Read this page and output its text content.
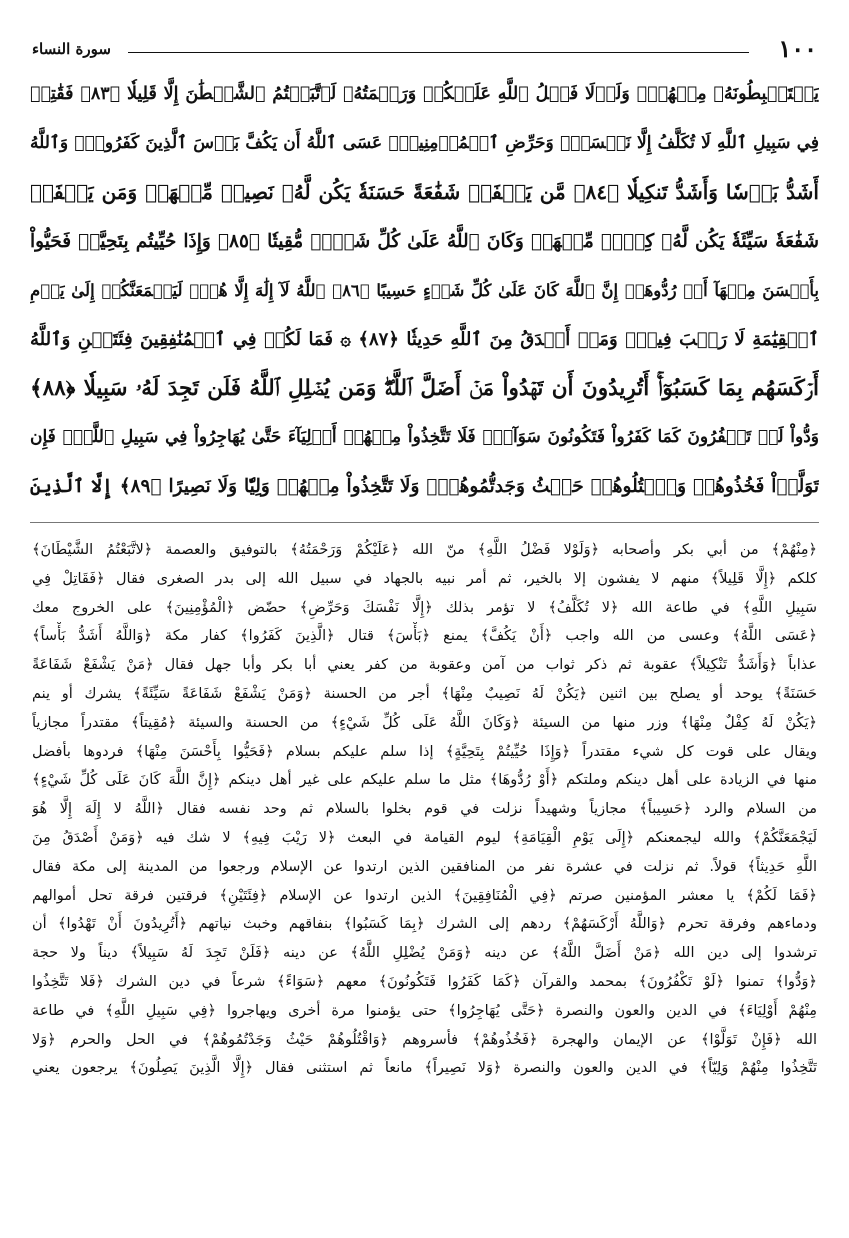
١٠٠
سورة النساء
يَسۡتَنۢبِطُونَهُۥ مِنۡهُمۡۗ وَلَوۡلَا فَضۡلُ ٱللَّهِ عَلَيۡكُمۡ وَرَحۡمَتُهُۥ لَٱتَّبَعۡتُمُ ٱلشَّيۡطَٰنَ إِلَّا قَلِيلٗا ﴿٨٣﴾ فَقَٰتِلۡ
فِي سَبِيلِ ٱللَّهِ لَا تُكَلَّفُ إِلَّا نَفۡسَكَۚ وَحَرِّضِ ٱلۡمُؤۡمِنِينَۖ عَسَى ٱللَّهُ أَن يَكُفَّ بَأۡسَ ٱلَّذِينَ كَفَرُواْۚ وَٱللَّهُ
أَشَدُّ بَأۡسٗا وَأَشَدُّ تَنكِيلٗا ﴿٨٤﴾ مَّن يَشۡفَعۡ شَفَٰعَةً حَسَنَةٗ يَكُن لَّهُۥ نَصِيبٞ مِّنۡهَاۖ وَمَن يَشۡفَعۡ
شَفَٰعَةٗ سَيِّئَةٗ يَكُن لَّهُۥ كِفۡلٞ مِّنۡهَاۗ وَكَانَ ٱللَّهُ عَلَىٰ كُلِّ شَيۡءٖ مُّقِيتٗا ﴿٨٥﴾ وَإِذَا حُيِّيتُم بِتَحِيَّةٖ فَحَيُّواْ
بِأَحۡسَنَ مِنۡهَآ أَوۡ رُدُّوهَآۗ إِنَّ ٱللَّهَ كَانَ عَلَىٰ كُلِّ شَيۡءٍ حَسِيبًا ﴿٨٦﴾ ٱللَّهُ لَآ إِلَٰهَ إِلَّا هُوَۚ لَيَجۡمَعَنَّكُمۡ إِلَىٰ يَوۡمِ
ٱلۡقِيَٰمَةِ لَا رَيۡبَ فِيهِۗ وَمَنۡ أَصۡدَقُ مِنَ ٱللَّهِ حَدِيثٗا ﴿٨٧﴾ ۞ فَمَا لَكُمۡ فِي ٱلۡمُنَٰفِقِينَ فِئَتَيۡنِ وَٱللَّهُ
أَرۡكَسَهُم بِمَا كَسَبُوٓاْۚ أَتُرِيدُونَ أَن تَهۡدُواْ مَنۡ أَضَلَّ ٱللَّهُۖ وَمَن يُضۡلِلِ ٱللَّهُ فَلَن تَجِدَ لَهُۥ سَبِيلٗا ﴿٨٨﴾
وَدُّواْ لَوۡ تَكۡفُرُونَ كَمَا كَفَرُواْ فَتَكُونُونَ سَوَآءٗۖ فَلَا تَتَّخِذُواْ مِنۡهُمۡ أَوۡلِيَآءَ حَتَّىٰ يُهَاجِرُواْ فِي سَبِيلِ ٱللَّهِۚ فَإِن
تَوَلَّوۡاْ فَخُذُوهُمۡ وَٱقۡتُلُوهُمۡ حَيۡثُ وَجَدتُّمُوهُمۡۖ وَلَا تَتَّخِذُواْ مِنۡهُمۡ وَلِيّٗا وَلَا نَصِيرًا ﴿٨٩﴾ إِلَّا ٱلَّذِينَ
﴿مِنْهُمْ﴾ من أبي بكر وأصحابه ﴿وَلَوْلا فَضْلُ اللَّهِ﴾ منّ الله ﴿عَلَيْكُمْ وَرَحْمَتُهُ﴾ بالتوفيق والعصمة ﴿لاتَّبَعْتُمُ الشَّيْطَانَ﴾
كلكم ﴿إِلَّا قَلِيلاً﴾ منهم لا يفشون إلا بالخير، ثم أمر نبيه بالجهاد في سبيل الله إلى بدر الصغرى فقال ﴿فَقَاتِلْ فِي
سَبِيلِ اللَّهِ﴾ في طاعة الله ﴿لا تُكَلَّفُ﴾ لا تؤمر بذلك ﴿إِلَّا نَفْسَكَ وَحَرِّضِ﴾ حضّض ﴿الْمُؤْمِنِينَ﴾ على الخروج معك
﴿عَسَى اللَّهُ﴾ وعسى من الله واجب ﴿أَنْ يَكُفَّ﴾ يمنع ﴿بَأْسَ﴾ قتال ﴿الَّذِينَ كَفَرُوا﴾ كفار مكة ﴿وَاللَّهُ أَشَدُّ بَأْساً﴾
عذاباً ﴿وَأَشَدُّ تَنْكِيلاً﴾ عقوبة ثم ذكر ثواب من آمن وعقوبة من كفر يعني أبا بكر وأبا جهل فقال ﴿مَنْ يَشْفَعْ شَفَاعَةً
حَسَنَةً﴾ يوحد أو يصلح بين اثنين ﴿يَكُنْ لَهُ نَصِيبٌ مِنْهَا﴾ أجر من الحسنة ﴿وَمَنْ يَشْفَعْ شَفَاعَةً سَيِّئَةً﴾ يشرك أو ينم
﴿يَكُنْ لَهُ كِفْلٌ مِنْهَا﴾ وزر منها من السيئة ﴿وَكَانَ اللَّهُ عَلَى كُلِّ شَيْءٍ﴾ من الحسنة والسيئة ﴿مُقِيتاً﴾ مقتدراً مجازياً
ويقال على قوت كل شيء مقتدراً ﴿وَإِذَا حُيِّيتُمْ بِتَحِيَّةٍ﴾ إذا سلم عليكم بسلام ﴿فَحَيُّوا بِأَحْسَنَ مِنْهَا﴾ فردوها بأفضل
منها في الزيادة على أهل دينكم وملتكم ﴿أَوْ رُدُّوهَا﴾ مثل ما سلم عليكم على غير أهل دينكم ﴿إِنَّ اللَّهَ كَانَ عَلَى كُلِّ شَيْءٍ﴾
من السلام والرد ﴿حَسِيباً﴾ مجازياً وشهيداً نزلت في قوم بخلوا بالسلام ثم وحد نفسه فقال ﴿اللَّهُ لا إِلَهَ إِلَّا هُوَ
لَيَجْمَعَنَّكُمْ﴾ والله ليجمعنكم ﴿إِلَى يَوْمِ الْقِيَامَةِ﴾ ليوم القيامة في البعث ﴿لا رَيْبَ فِيهِ﴾ لا شك فيه ﴿وَمَنْ أَصْدَقُ مِنَ
اللَّهِ حَدِيثاً﴾ قولاً. ثم نزلت في عشرة نفر من المنافقين الذين ارتدوا عن الإسلام ورجعوا من المدينة إلى مكة فقال
﴿فَمَا لَكُمْ﴾ يا معشر المؤمنين صرتم ﴿فِي الْمُنَافِقِينَ﴾ الذين ارتدوا عن الإسلام ﴿فِئَتَيْنِ﴾ فرقتين فرقة تحل أموالهم
ودماءهم وفرقة تحرم ﴿وَاللَّهُ أَرْكَسَهُمْ﴾ ردهم إلى الشرك ﴿بِمَا كَسَبُوا﴾ بنفاقهم وخبث نياتهم ﴿أَتُرِيدُونَ أَنْ تَهْدُوا﴾ أن
ترشدوا إلى دين الله ﴿مَنْ أَضَلَّ اللَّهُ﴾ عن دينه ﴿وَمَنْ يُضْلِلِ اللَّهُ﴾ عن دينه ﴿فَلَنْ تَجِدَ لَهُ سَبِيلاً﴾ ديناً ولا حجة
﴿وَدُّوا﴾ تمنوا ﴿لَوْ تَكْفُرُونَ﴾ بمحمد والقرآن ﴿كَمَا كَفَرُوا فَتَكُونُونَ﴾ معهم ﴿سَوَاءً﴾ شرعاً في دين الشرك ﴿فَلا تَتَّخِذُوا
مِنْهُمْ أَوْلِيَاءَ﴾ في الدين والعون والنصرة ﴿حَتَّى يُهَاجِرُوا﴾ حتى يؤمنوا مرة أخرى ويهاجروا ﴿فِي سَبِيلِ اللَّهِ﴾ في طاعة
الله ﴿فَإِنْ تَوَلَّوْا﴾ عن الإيمان والهجرة ﴿فَخُذُوهُمْ﴾ فأسروهم ﴿وَاقْتُلُوهُمْ حَيْثُ وَجَدْتُمُوهُمْ﴾ في الحل والحرم ﴿وَلا
تَتَّخِذُوا مِنْهُمْ وَلِيّاً﴾ في الدين والعون والنصرة ﴿وَلا نَصِيراً﴾ مانعاً ثم استثنى فقال ﴿إِلَّا الَّذِينَ يَصِلُونَ﴾ يرجعون يعني
